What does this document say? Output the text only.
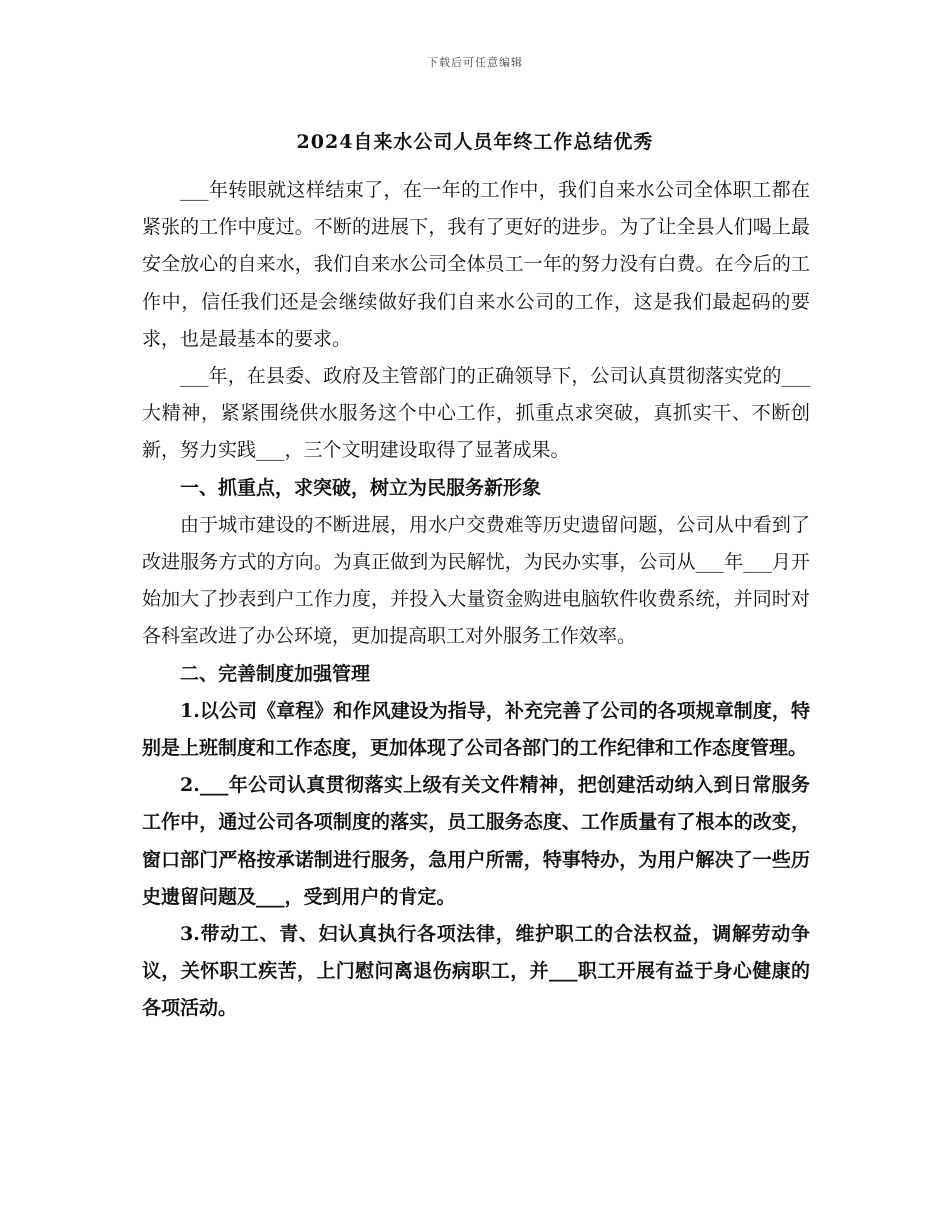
下载后可任意编辑
2024自来水公司人员年终工作总结优秀

___年转眼就这样结束了，在一年的工作中，我们自来水公司全体职工都在紧张的工作中度过。不断的进展下，我有了更好的进步。为了让全县人们喝上最安全放心的自来水，我们自来水公司全体员工一年的努力没有白费。在今后的工作中，信任我们还是会继续做好我们自来水公司的工作，这是我们最起码的要求，也是最基本的要求。

___年，在县委、政府及主管部门的正确领导下，公司认真贯彻落实党的___大精神，紧紧围绕供水服务这个中心工作，抓重点求突破，真抓实干、不断创新，努力实践___，三个文明建设取得了显著成果。

一、抓重点，求突破，树立为民服务新形象

由于城市建设的不断进展，用水户交费难等历史遗留问题，公司从中看到了改进服务方式的方向。为真正做到为民解忧，为民办实事，公司从___年___月开始加大了抄表到户工作力度，并投入大量资金购进电脑软件收费系统，并同时对各科室改进了办公环境，更加提高职工对外服务工作效率。

二、完善制度加强管理

1.以公司《章程》和作风建设为指导，补充完善了公司的各项规章制度，特别是上班制度和工作态度，更加体现了公司各部门的工作纪律和工作态度管理。

2.___年公司认真贯彻落实上级有关文件精神，把创建活动纳入到日常服务工作中，通过公司各项制度的落实，员工服务态度、工作质量有了根本的改变，窗口部门严格按承诺制进行服务，急用户所需，特事特办，为用户解决了一些历史遗留问题及___，受到用户的肯定。

3.带动工、青、妇认真执行各项法律，维护职工的合法权益，调解劳动争议，关怀职工疾苦，上门慰问离退伤病职工，并___职工开展有益于身心健康的各项活动。
